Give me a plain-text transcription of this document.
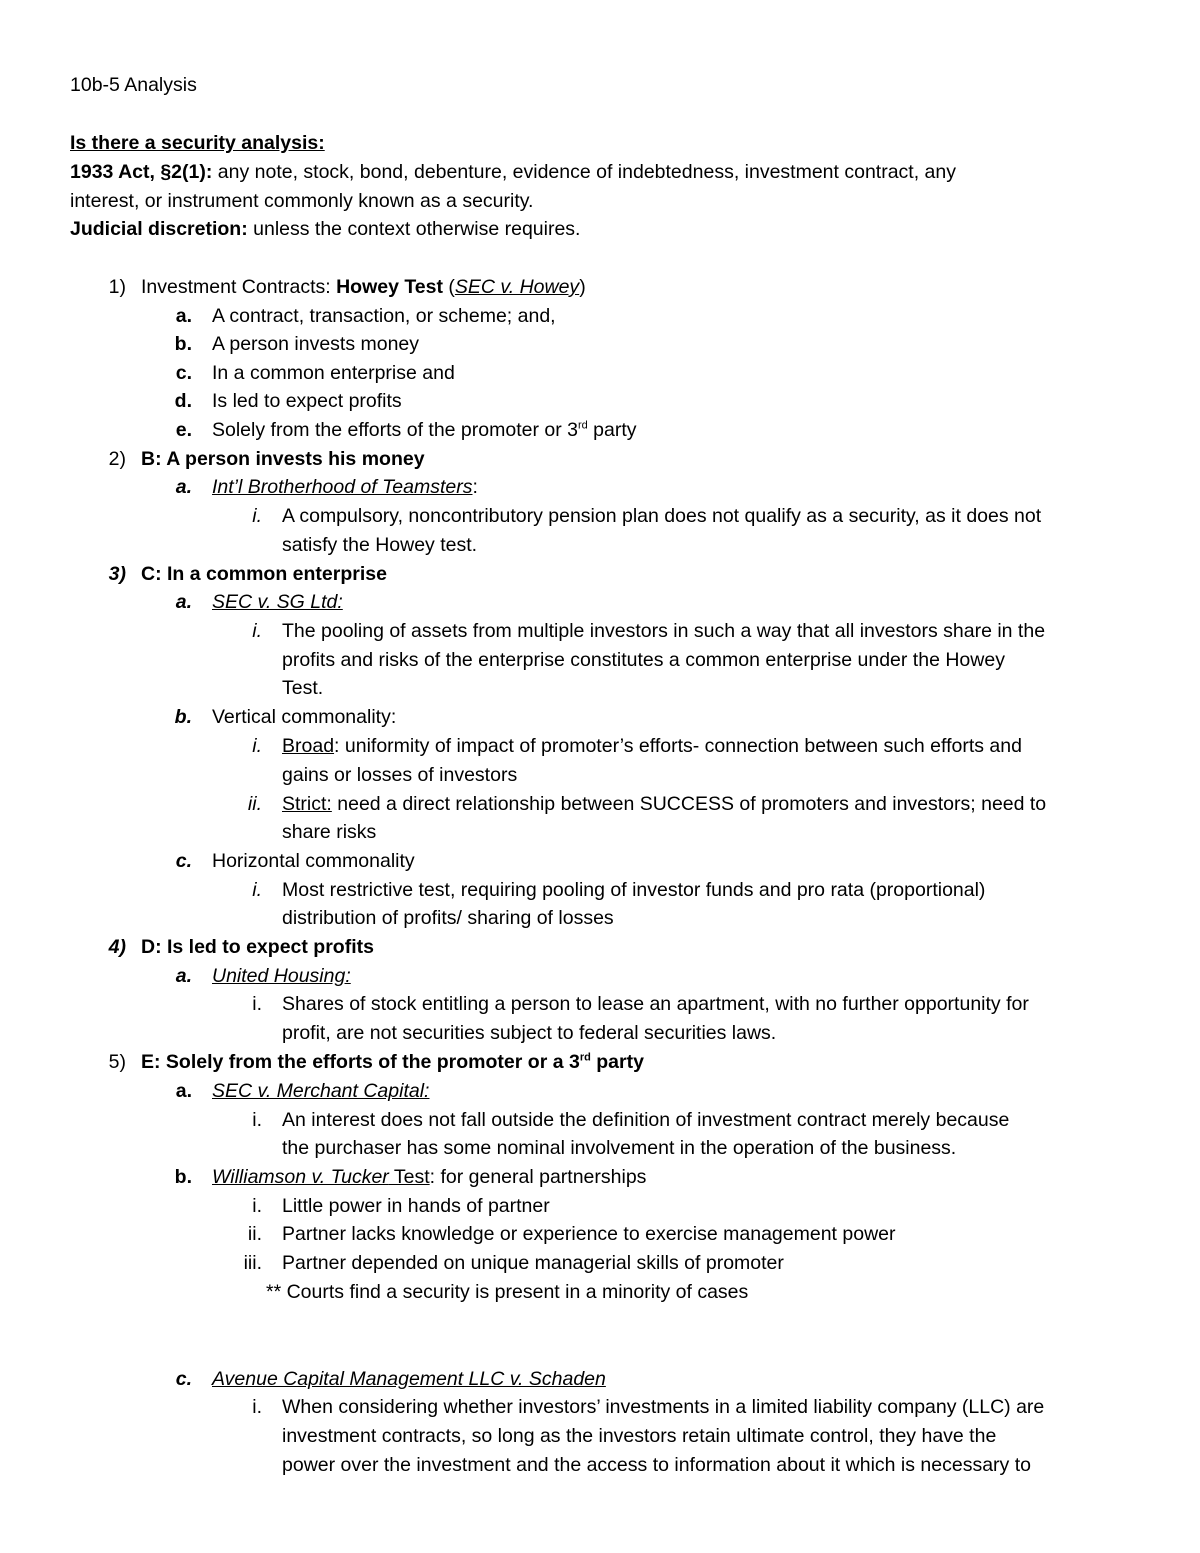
10b-5 Analysis
Is there a security analysis:
1933 Act, §2(1): any note, stock, bond, debenture, evidence of indebtedness, investment contract, any
interest, or instrument commonly known as a security.
Judicial discretion: unless the context otherwise requires.
1) Investment Contracts: Howey Test (SEC v. Howey)
a. A contract, transaction, or scheme; and,
b. A person invests money
c. In a common enterprise and
d. Is led to expect profits
e. Solely from the efforts of the promoter or 3rd party
2) B: A person invests his money
a. Int’l Brotherhood of Teamsters:
i. A compulsory, noncontributory pension plan does not qualify as a security, as it does not
satisfy the Howey test.
3) C: In a common enterprise
a. SEC v. SG Ltd:
i. The pooling of assets from multiple investors in such a way that all investors share in the
profits and risks of the enterprise constitutes a common enterprise under the Howey
Test.
b. Vertical commonality:
i. Broad: uniformity of impact of promoter’s efforts- connection between such efforts and
gains or losses of investors
ii. Strict: need a direct relationship between SUCCESS of promoters and investors; need to
share risks
c. Horizontal commonality
i. Most restrictive test, requiring pooling of investor funds and pro rata (proportional)
distribution of profits/ sharing of losses
4) D: Is led to expect profits
a. United Housing:
i. Shares of stock entitling a person to lease an apartment, with no further opportunity for
profit, are not securities subject to federal securities laws.
5) E: Solely from the efforts of the promoter or a 3rd party
a. SEC v. Merchant Capital:
i. An interest does not fall outside the definition of investment contract merely because
the purchaser has some nominal involvement in the operation of the business.
b. Williamson v. Tucker Test: for general partnerships
i. Little power in hands of partner
ii. Partner lacks knowledge or experience to exercise management power
iii. Partner depended on unique managerial skills of promoter
** Courts find a security is present in a minority of cases
c. Avenue Capital Management LLC v. Schaden
i. When considering whether investors’ investments in a limited liability company (LLC) are
investment contracts, so long as the investors retain ultimate control, they have the
power over the investment and the access to information about it which is necessary to
